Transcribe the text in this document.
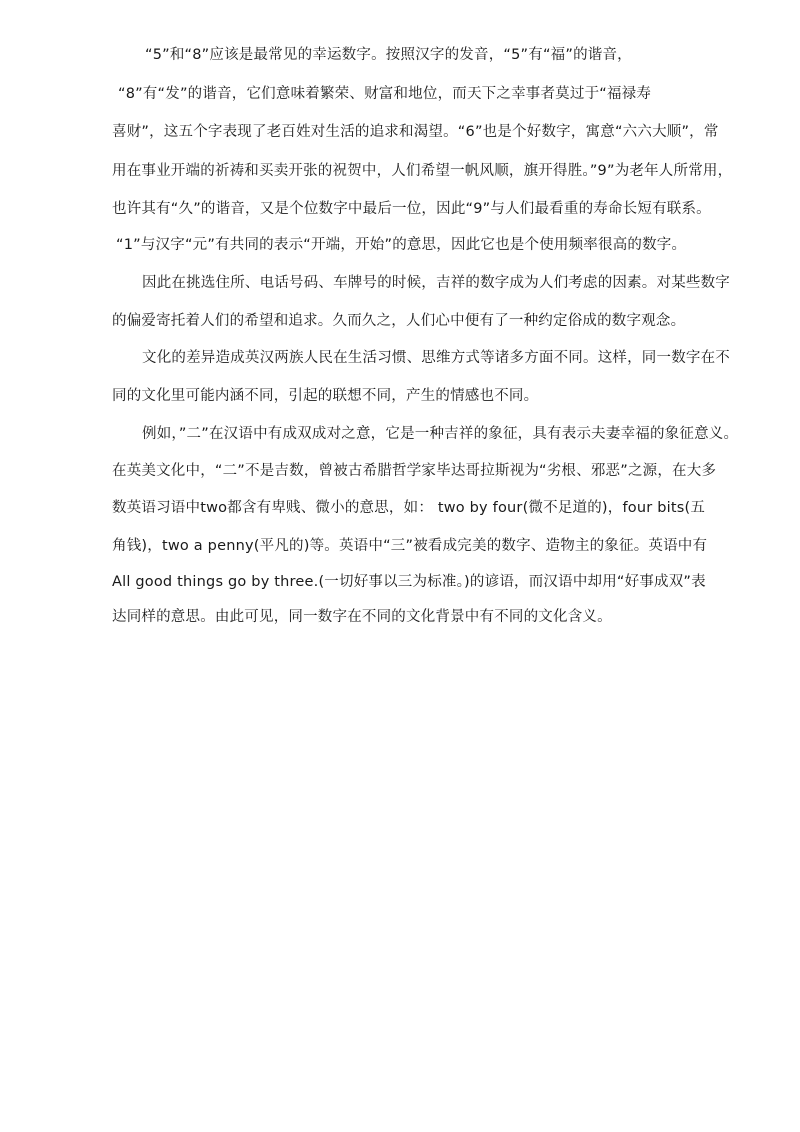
“5”和“8”应该是最常见的幸运数字。按照汉字的发音，“5”有“福”的谐音，
“8”有“发”的谐音，它们意味着繁荣、财富和地位，而天下之幸事者莫过于“福禄寿
喜财”，这五个字表现了老百姓对生活的追求和渴望。“6”也是个好数字，寓意“六六大顺”，常
用在事业开端的祈祷和买卖开张的祝贺中，人们希望一帆风顺，旗开得胜。”9”为老年人所常用，
也许其有“久”的谐音，又是个位数字中最后一位，因此“9”与人们最看重的寿命长短有联系。
“1”与汉字“元”有共同的表示“开端，开始”的意思，因此它也是个使用频率很高的数字。
因此在挑选住所、电话号码、车牌号的时候，吉祥的数字成为人们考虑的因素。对某些数字
的偏爱寄托着人们的希望和追求。久而久之，人们心中便有了一种约定俗成的数字观念。
文化的差异造成英汉两族人民在生活习惯、思维方式等诸多方面不同。这样，同一数字在不
同的文化里可能内涵不同，引起的联想不同，产生的情感也不同。
例如，”二”在汉语中有成双成对之意，它是一种吉祥的象征，具有表示夫妻幸福的象征意义。
在英美文化中，“二”不是吉数，曾被古希腊哲学家毕达哥拉斯视为“劣根、邪恶”之源，在大多
数英语习语中two都含有卑贱、微小的意思，如： two by four(微不足道的)，four bits(五
角钱)，two a penny(平凡的)等。英语中“三”被看成完美的数字、造物主的象征。英语中有
All good things go by three.(一切好事以三为标准。)的谚语，而汉语中却用“好事成双”表
达同样的意思。由此可见，同一数字在不同的文化背景中有不同的文化含义。
